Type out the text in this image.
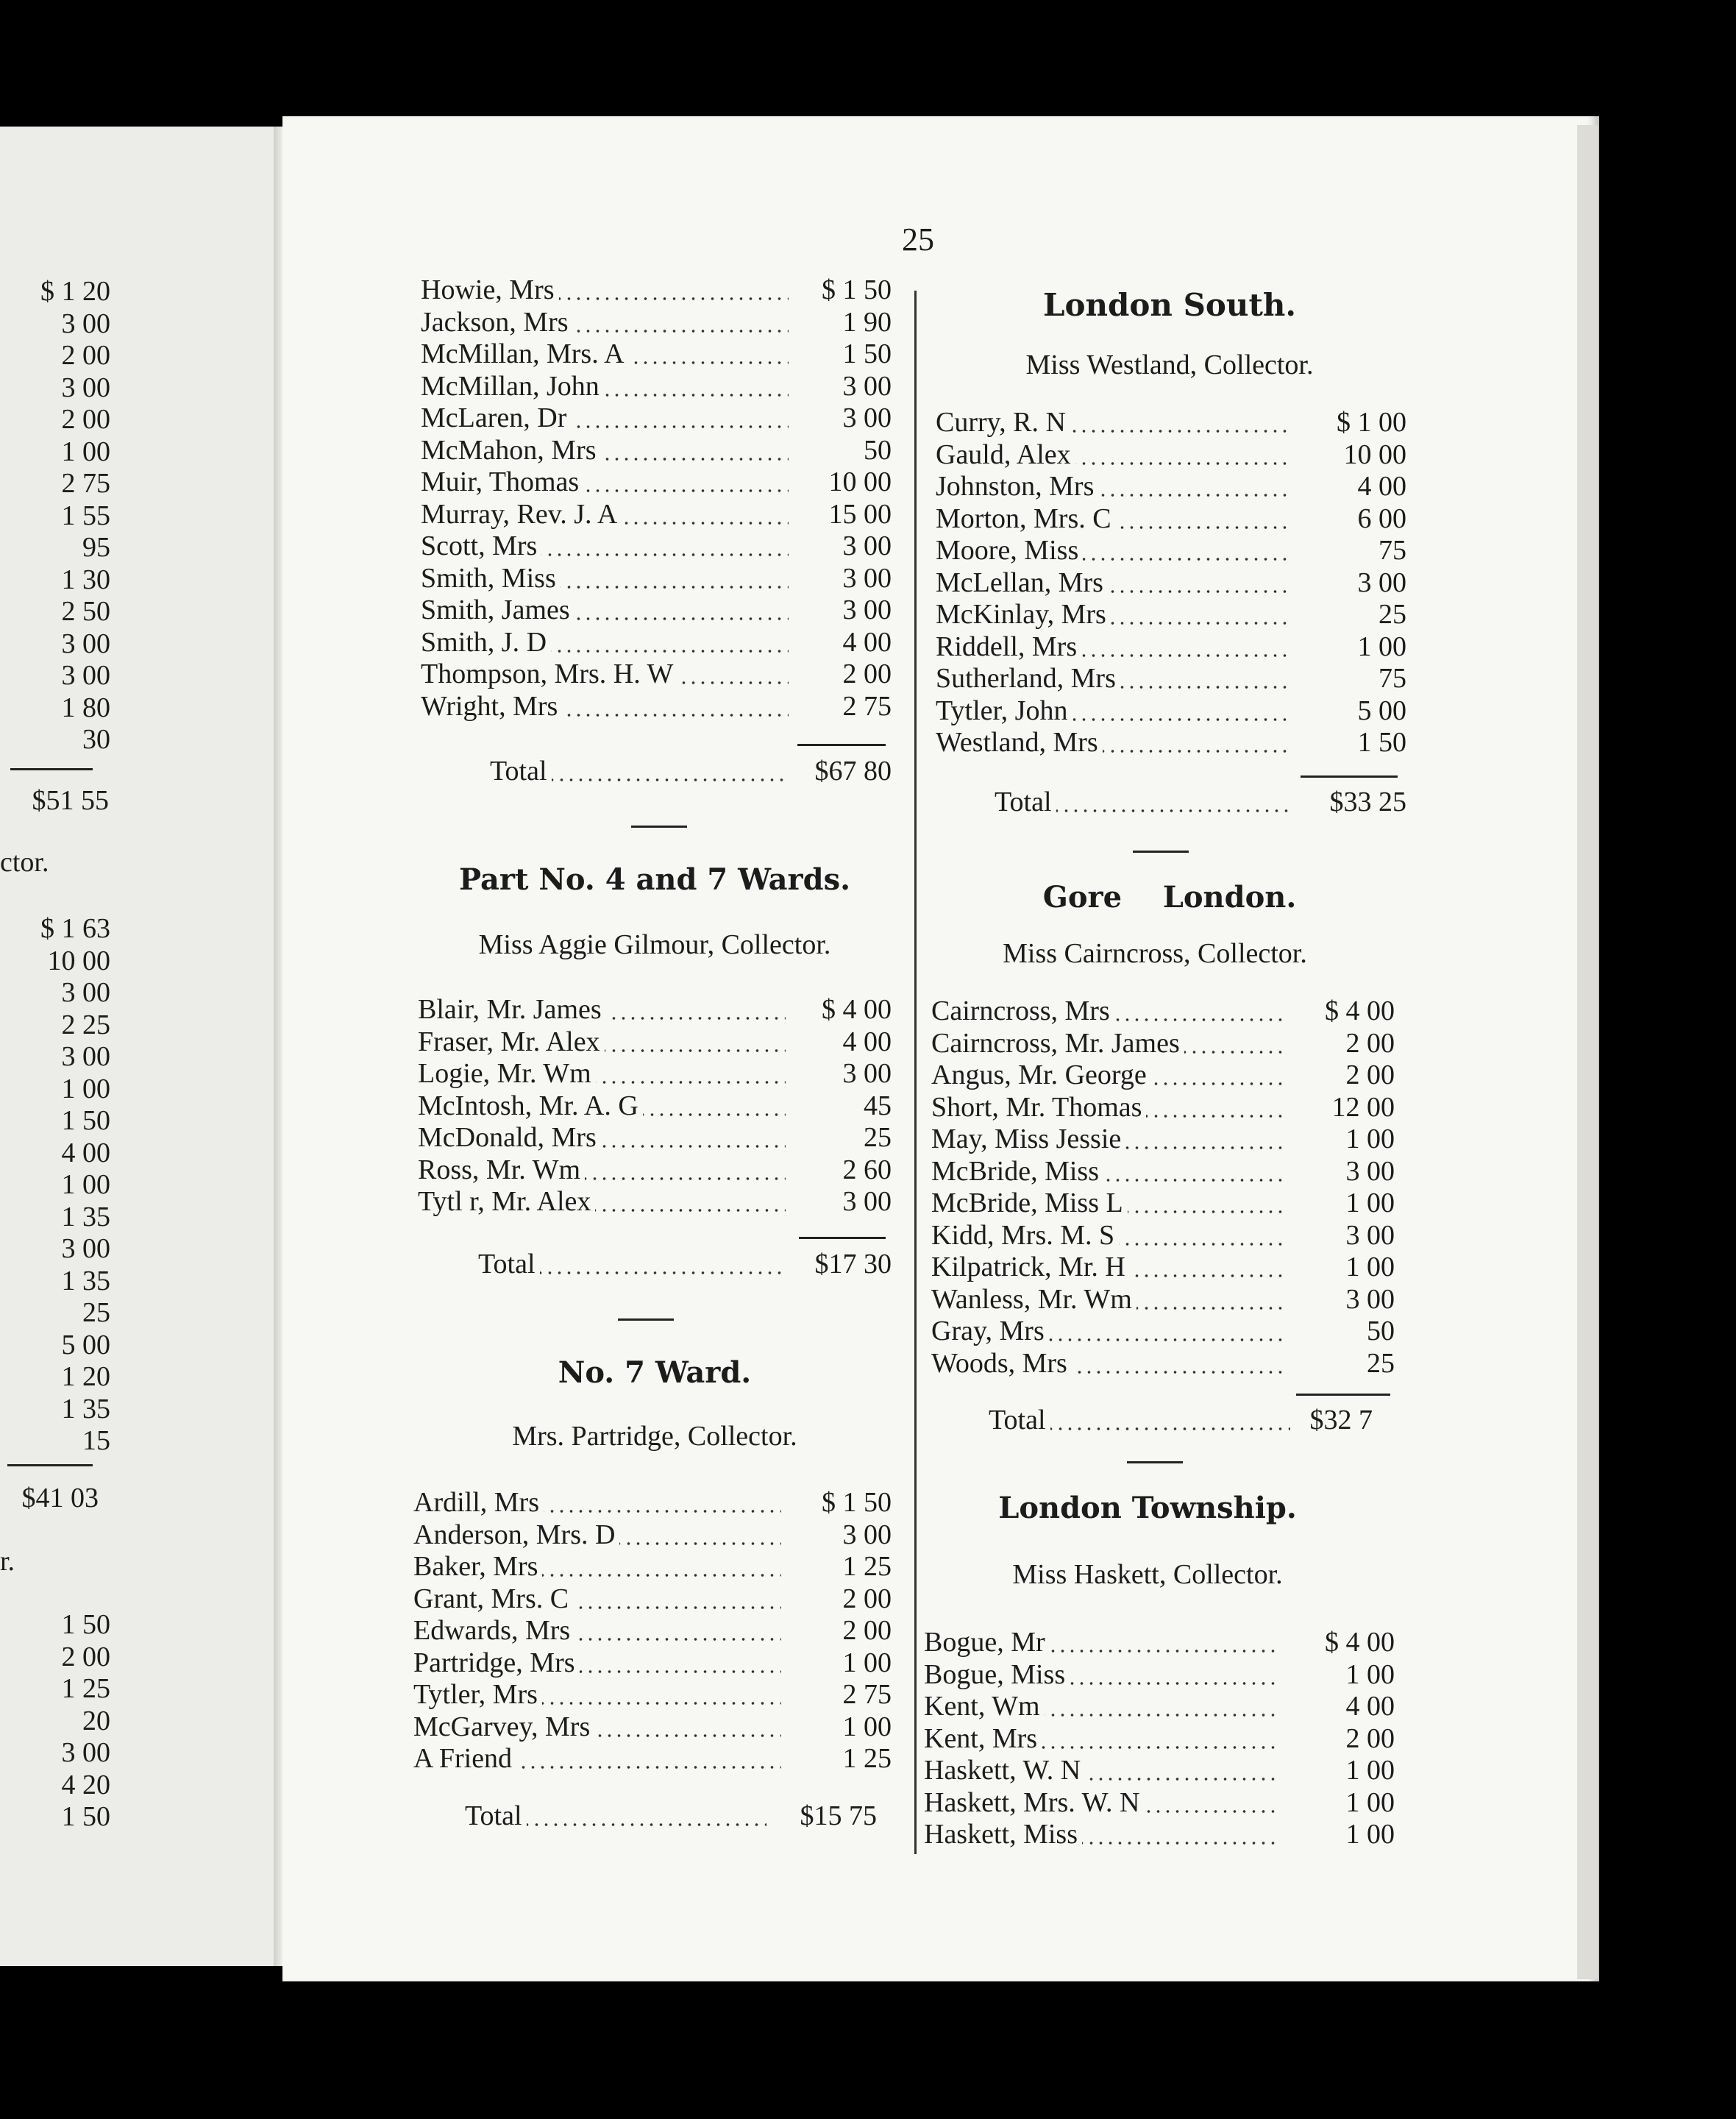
25
$ 1 20
3 00
2 00
3 00
2 00
1 00
2 75
1 55
95
1 30
2 50
3 00
3 00
1 80
30
$51 55
ctor.
$ 1 63
10 00
3 00
2 25
3 00
1 00
1 50
4 00
1 00
1 35
3 00
1 35
25
5 00
1 20
1 35
15
$41 03
r.
1 50
2 00
1 25
20
3 00
4 20
1 50
Howie, Mrs	$ 1 50
Jackson, Mrs	1 90
McMillan, Mrs. A	1 50
McMillan, John	3 00
McLaren, Dr	3 00
McMahon, Mrs	50
Muir, Thomas	10 00
Murray, Rev. J. A	15 00
Scott, Mrs	3 00
Smith, Miss	3 00
Smith, James	3 00
Smith, J. D	4 00
Thompson, Mrs. H. W	2 00
Wright, Mrs	2 75
Total	$67 80
Part No. 4 and 7 Wards.
Miss Aggie Gilmour, Collector.
Blair, Mr. James	$ 4 00
Fraser, Mr. Alex	4 00
Logie, Mr. Wm	3 00
McIntosh, Mr. A. G	45
McDonald, Mrs	25
Ross, Mr. Wm	2 60
Tytl r, Mr. Alex	3 00
Total	$17 30
No. 7 Ward.
Mrs. Partridge, Collector.
Ardill, Mrs	$ 1 50
Anderson, Mrs. D	3 00
Baker, Mrs	1 25
Grant, Mrs. C	2 00
Edwards, Mrs	2 00
Partridge, Mrs	1 00
Tytler, Mrs	2 75
McGarvey, Mrs	1 00
A Friend	1 25
Total	$15 75
London South.
Miss Westland, Collector.
Curry, R. N	$ 1 00
Gauld, Alex	10 00
Johnston, Mrs	4 00
Morton, Mrs. C	6 00
Moore, Miss	75
McLellan, Mrs	3 00
McKinlay, Mrs	25
Riddell, Mrs	1 00
Sutherland, Mrs	75
Tytler, John	5 00
Westland, Mrs	1 50
Total	$33 25
Gore    London.
Miss Cairncross, Collector.
Cairncross, Mrs	$ 4 00
Cairncross, Mr. James	2 00
Angus, Mr. George	2 00
Short, Mr. Thomas	12 00
May, Miss Jessie	1 00
McBride, Miss	3 00
McBride, Miss L	1 00
Kidd, Mrs. M. S	3 00
Kilpatrick, Mr. H	1 00
Wanless, Mr. Wm	3 00
Gray, Mrs	50
Woods, Mrs	25
Total	$32 7
London Township.
Miss Haskett, Collector.
Bogue, Mr	$ 4 00
Bogue, Miss	1 00
Kent, Wm	4 00
Kent, Mrs	2 00
Haskett, W. N	1 00
Haskett, Mrs. W. N	1 00
Haskett, Miss	1 00
